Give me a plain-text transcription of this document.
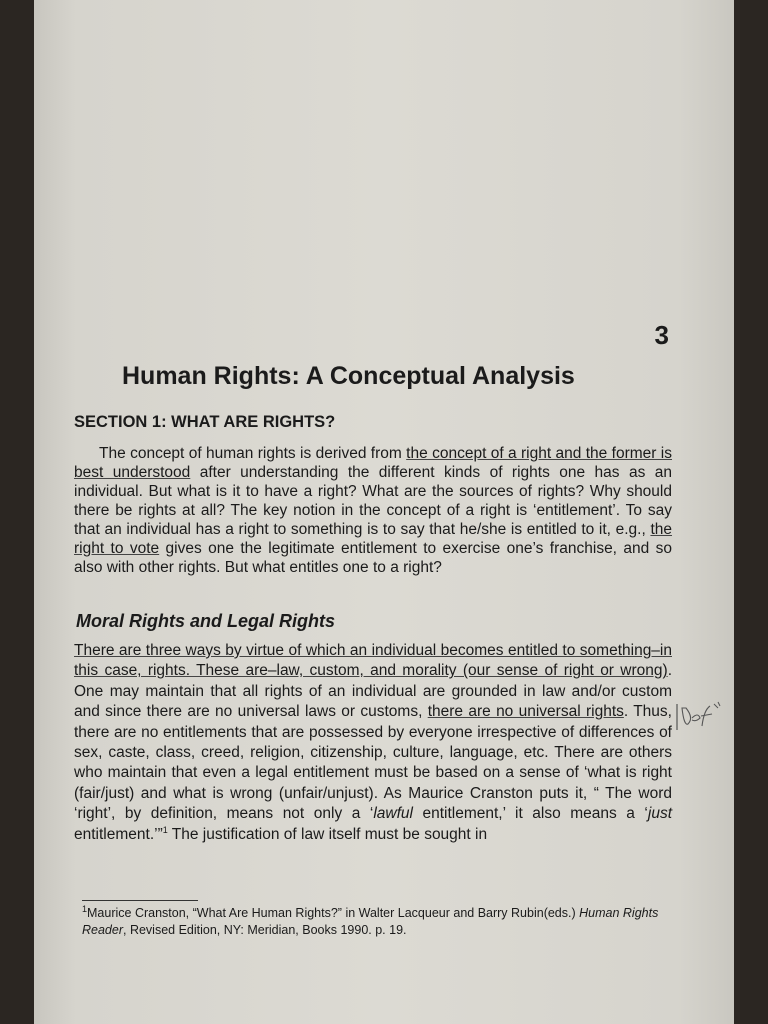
3
Human Rights: A Conceptual Analysis
SECTION 1: WHAT ARE RIGHTS?

The concept of human rights is derived from the concept of a right and the former is best understood after understanding the different kinds of rights one has as an individual. But what is it to have a right? What are the sources of rights? Why should there be rights at all? The key notion in the concept of a right is ‘entitlement’. To say that an individual has a right to something is to say that he/she is entitled to it, e.g., the right to vote gives one the legitimate entitlement to exercise one’s franchise, and so also with other rights. But what entitles one to a right?

Moral Rights and Legal Rights

There are three ways by virtue of which an individual becomes entitled to something–in this case, rights. These are–law, custom, and morality (our sense of right or wrong). One may maintain that all rights of an individual are grounded in law and/or custom and since there are no universal laws or customs, there are no universal rights. Thus, there are no entitlements that are possessed by everyone irrespective of differences of sex, caste, class, creed, religion, citizenship, culture, language, etc. There are others who maintain that even a legal entitlement must be based on a sense of ‘what is right (fair/just) and what is wrong (unfair/unjust). As Maurice Cranston puts it, “ The word ‘right’, by definition, means not only a ‘lawful entitlement,’ it also means a ‘just entitlement.’”$^1$ The justification of law itself must be sought in

$^1$Maurice Cranston, “What Are Human Rights?” in Walter Lacqueur and Barry Rubin(eds.) Human Rights Reader, Revised Edition, NY: Meridian, Books 1990. p. 19.
